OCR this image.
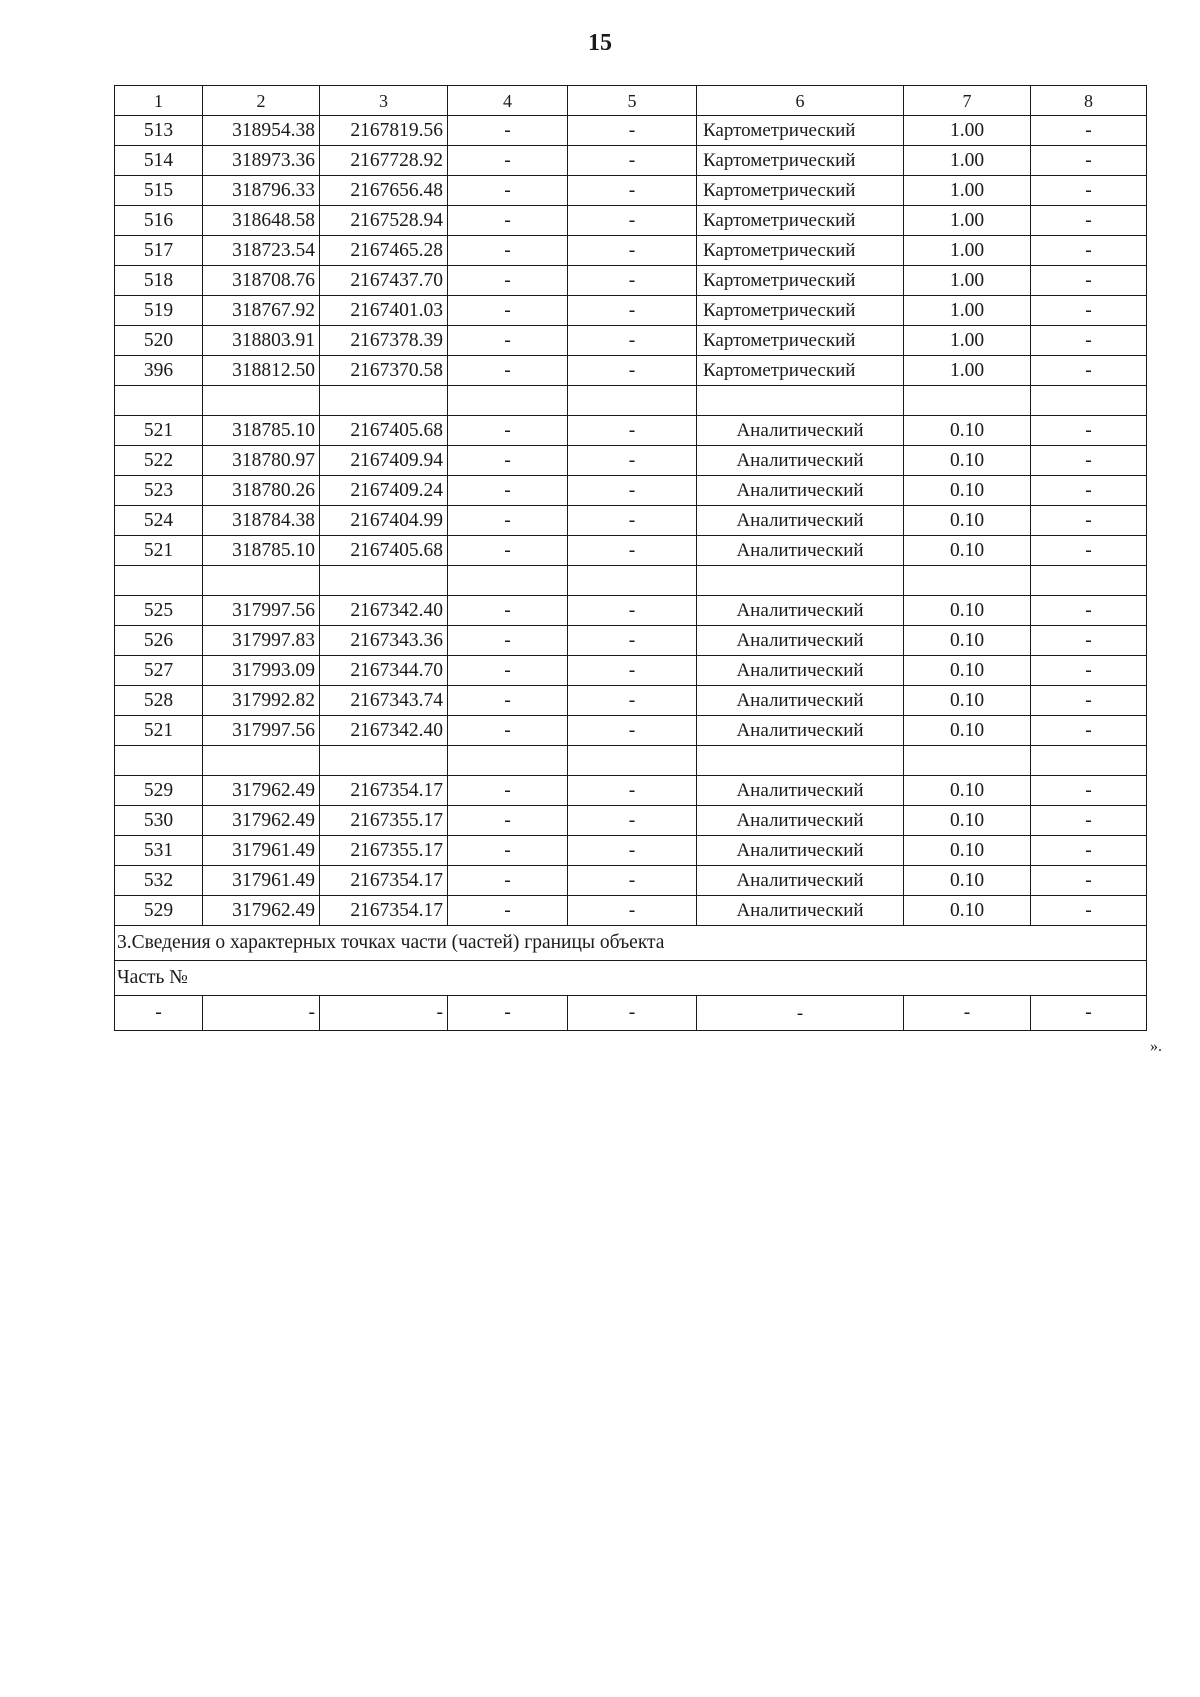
15
1	2	3	4	5	6	7	8
513	318954.38	2167819.56	-	-	Картометрический	1.00	-
514	318973.36	2167728.92	-	-	Картометрический	1.00	-
515	318796.33	2167656.48	-	-	Картометрический	1.00	-
516	318648.58	2167528.94	-	-	Картометрический	1.00	-
517	318723.54	2167465.28	-	-	Картометрический	1.00	-
518	318708.76	2167437.70	-	-	Картометрический	1.00	-
519	318767.92	2167401.03	-	-	Картометрический	1.00	-
520	318803.91	2167378.39	-	-	Картометрический	1.00	-
396	318812.50	2167370.58	-	-	Картометрический	1.00	-

521	318785.10	2167405.68	-	-	Аналитический	0.10	-
522	318780.97	2167409.94	-	-	Аналитический	0.10	-
523	318780.26	2167409.24	-	-	Аналитический	0.10	-
524	318784.38	2167404.99	-	-	Аналитический	0.10	-
521	318785.10	2167405.68	-	-	Аналитический	0.10	-

525	317997.56	2167342.40	-	-	Аналитический	0.10	-
526	317997.83	2167343.36	-	-	Аналитический	0.10	-
527	317993.09	2167344.70	-	-	Аналитический	0.10	-
528	317992.82	2167343.74	-	-	Аналитический	0.10	-
521	317997.56	2167342.40	-	-	Аналитический	0.10	-

529	317962.49	2167354.17	-	-	Аналитический	0.10	-
530	317962.49	2167355.17	-	-	Аналитический	0.10	-
531	317961.49	2167355.17	-	-	Аналитический	0.10	-
532	317961.49	2167354.17	-	-	Аналитический	0.10	-
529	317962.49	2167354.17	-	-	Аналитический	0.10	-
3.Сведения о характерных точках части (частей) границы объекта							
Часть №							
-	-	-	-	-	-	-	-
».
